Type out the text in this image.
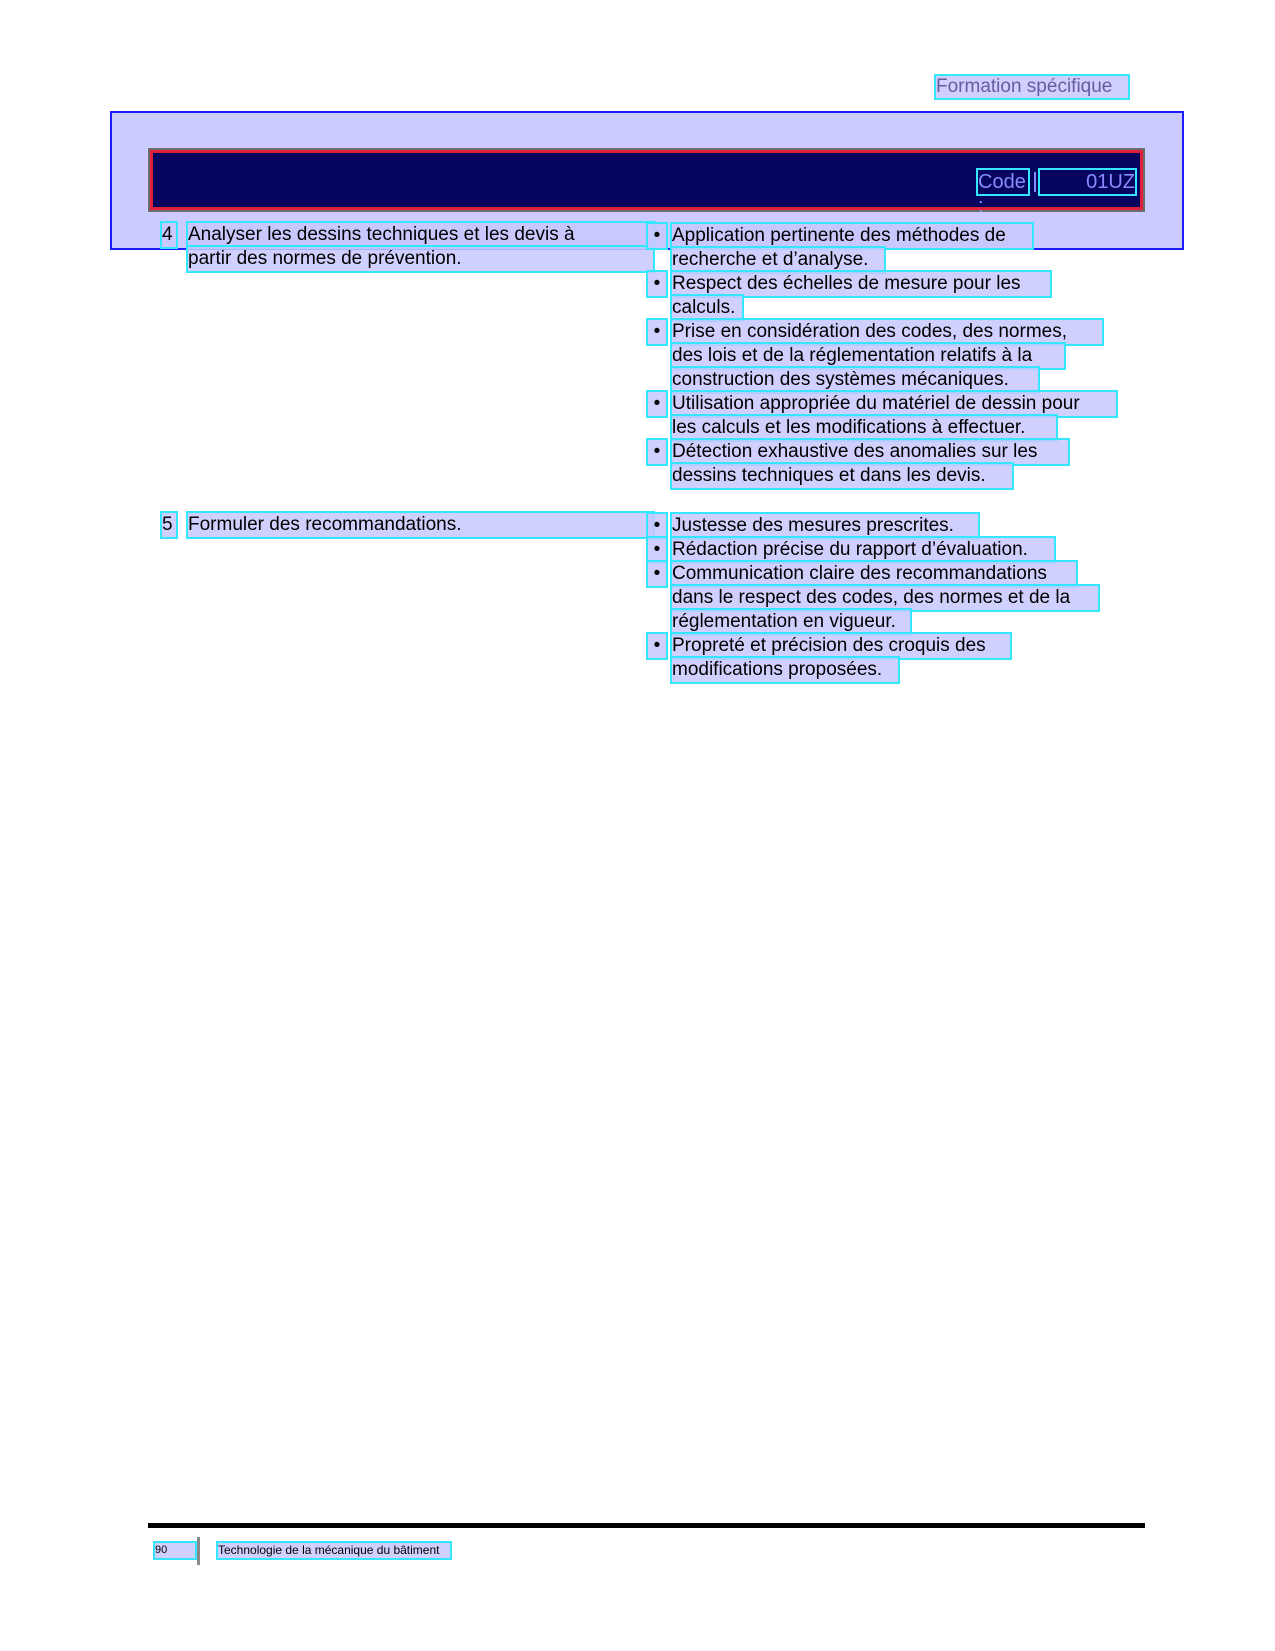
Formation spécifique
Code :
01UZ
4 Analyser les dessins techniques et les devis à
partir des normes de prévention.
• Application pertinente des méthodes de
recherche et d’analyse.
• Respect des échelles de mesure pour les
calculs.
• Prise en considération des codes, des normes,
des lois et de la réglementation relatifs à la
construction des systèmes mécaniques.
• Utilisation appropriée du matériel de dessin pour
les calculs et les modifications à effectuer.
• Détection exhaustive des anomalies sur les
dessins techniques et dans les devis.
5 Formuler des recommandations.	• Justesse des mesures prescrites.
• Rédaction précise du rapport d’évaluation.
• Communication claire des recommandations
dans le respect des codes, des normes et de la
réglementation en vigueur.
• Propreté et précision des croquis des
modifications proposées.
90	Technologie de la mécanique du bâtiment
